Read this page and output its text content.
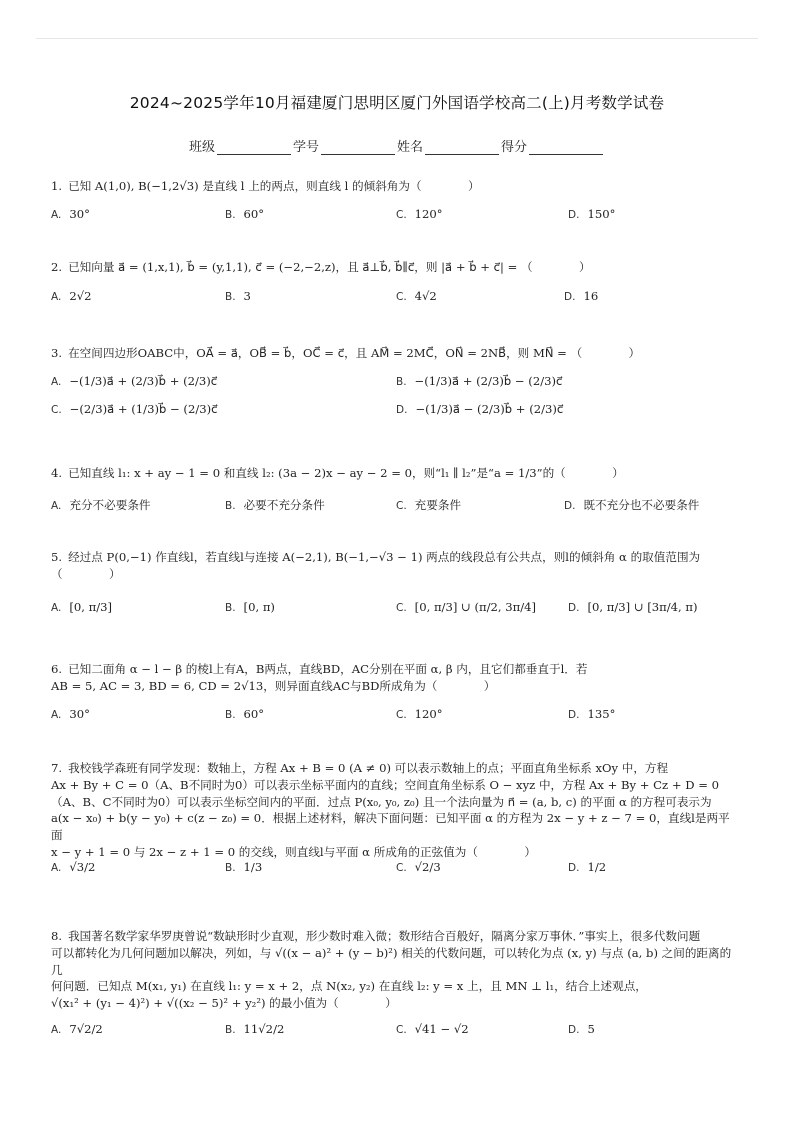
2024~2025学年10月福建厦门思明区厦门外国语学校高二(上)月考数学试卷
班级	学号	姓名	得分
1. 已知 A(1,0), B(−1,2√3) 是直线 l 上的两点，则直线 l 的倾斜角为（　　　　）
A. 30°	B. 60°	C. 120°	D. 150°
2. 已知向量 a⃗ = (1,x,1), b⃗ = (y,1,1), c⃗ = (−2,−2,z)，且 a⃗⊥b⃗, b⃗∥c⃗，则 |a⃗ + b⃗ + c⃗| = （　　　　）
A. 2√2	B. 3	C. 4√2	D. 16
3. 在空间四边形OABC中，OA⃗ = a⃗，OB⃗ = b⃗，OC⃗ = c⃗，且 AM⃗ = 2MC⃗，ON⃗ = 2NB⃗，则 MN⃗ = （　　　　）
A. −(1/3)a⃗ + (2/3)b⃗ + (2/3)c⃗	B. −(1/3)a⃗ + (2/3)b⃗ − (2/3)c⃗
C. −(2/3)a⃗ + (1/3)b⃗ − (2/3)c⃗	D. −(1/3)a⃗ − (2/3)b⃗ + (2/3)c⃗
4. 已知直线 l₁: x + ay − 1 = 0 和直线 l₂: (3a − 2)x − ay − 2 = 0，则“l₁ ∥ l₂”是“a = 1/3”的（　　　　）
A. 充分不必要条件	B. 必要不充分条件	C. 充要条件	D. 既不充分也不必要条件
5. 经过点 P(0,−1) 作直线l，若直线l与连接 A(−2,1), B(−1,−√3 − 1) 两点的线段总有公共点，则l的倾斜角 α 的取值范围为
（　　　　）
A. [0, π/3]	B. [0, π)	C. [0, π/3] ∪ (π/2, 3π/4]	D. [0, π/3] ∪ [3π/4, π)
6. 已知二面角 α − l − β 的棱l上有A，B两点，直线BD，AC分别在平面 α, β 内，且它们都垂直于l．若
AB = 5, AC = 3, BD = 6, CD = 2√13，则异面直线AC与BD所成角为（　　　　）
A. 30°	B. 60°	C. 120°	D. 135°
7. 我校钱学森班有同学发现：数轴上，方程 Ax + B = 0 (A ≠ 0) 可以表示数轴上的点；平面直角坐标系 xOy 中，方程
Ax + By + C = 0（A、B不同时为0）可以表示坐标平面内的直线；空间直角坐标系 O − xyz 中，方程 Ax + By + Cz + D = 0
（A、B、C不同时为0）可以表示坐标空间内的平面．过点 P(x₀, y₀, z₀) 且一个法向量为 n⃗ = (a, b, c) 的平面 α 的方程可表示为
a(x − x₀) + b(y − y₀) + c(z − z₀) = 0．根据上述材料，解决下面问题：已知平面 α 的方程为 2x − y + z − 7 = 0，直线l是两平面
x − y + 1 = 0 与 2x − z + 1 = 0 的交线，则直线l与平面 α 所成角的正弦值为（　　　　）
A. √3/2	B. 1/3	C. √2/3	D. 1/2
8. 我国著名数学家华罗庚曾说“数缺形时少直观，形少数时难入微；数形结合百般好，隔离分家万事休．”事实上，很多代数问题
可以都转化为几何问题加以解决，列如，与 √((x − a)² + (y − b)²) 相关的代数问题，可以转化为点 (x, y) 与点 (a, b) 之间的距离的几
何问题．已知点 M(x₁, y₁) 在直线 l₁: y = x + 2，点 N(x₂, y₂) 在直线 l₂: y = x 上，且 MN ⊥ l₁，结合上述观点，
√(x₁² + (y₁ − 4)²) + √((x₂ − 5)² + y₂²) 的最小值为（　　　　）
A. 7√2/2	B. 11√2/2	C. √41 − √2	D. 5
